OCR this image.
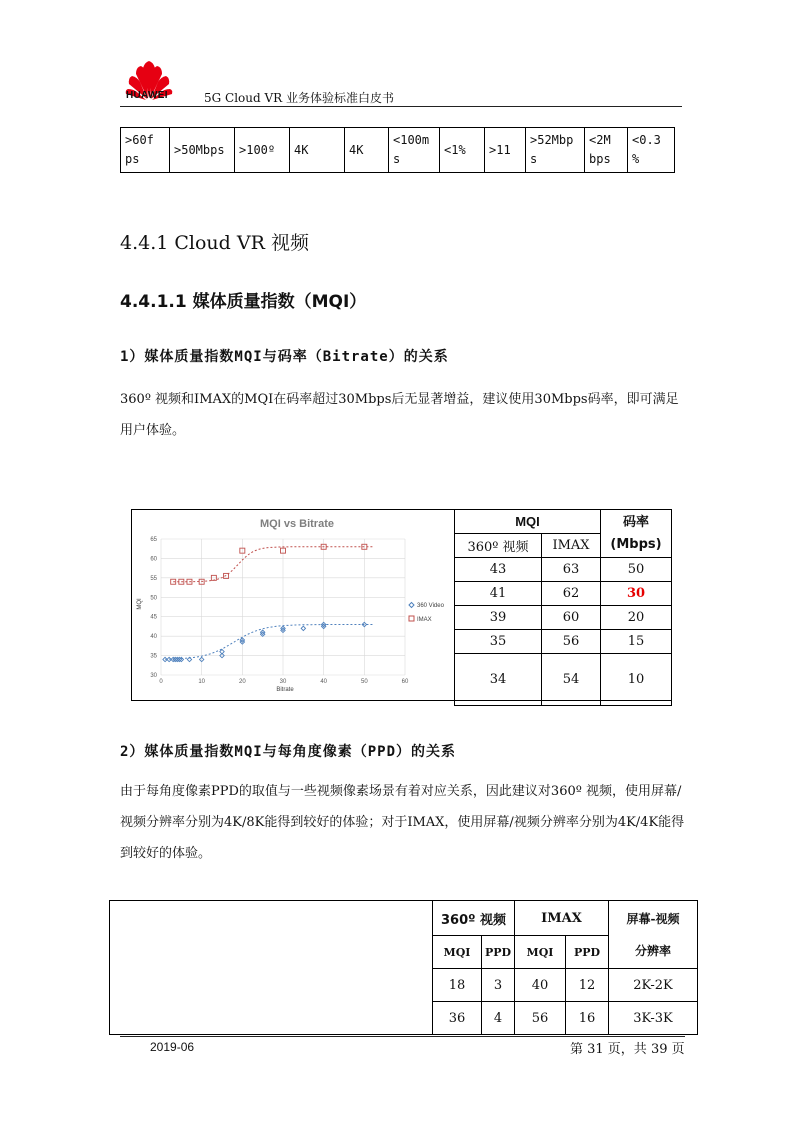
HUAWEI	5G Cloud VR 业务体验标准白皮书
>60f ps	>50Mbps	>100º	4K	4K	<100m s	<1%	>11	>52Mbp s	<2M bps	<0.3 %
4.4.1 Cloud VR 视频
4.4.1.1 媒体质量指数（MQI）
1）媒体质量指数MQI与码率（Bitrate）的关系
360º 视频和IMAX的MQI在码率超过30Mbps后无显著增益，建议使用30Mbps码率，即可满足用户体验。
MQI vs Bitrate
30
35
40
45
50
55
60
65
0	10	20	30	40	50	60
MQI
Bitrate
360 Video
IMAX
MQI		码率
(Mbps)

360º 视频	IMAX	
43	63	50
41	62	30
39	60	20
35	56	15
34	54	10
2）媒体质量指数MQI与每角度像素（PPD）的关系
由于每角度像素PPD的取值与一些视频像素场景有着对应关系，因此建议对360º 视频，使用屏幕/视频分辨率分别为4K/8K能得到较好的体验；对于IMAX，使用屏幕/视频分辨率分别为4K/4K能得到较好的体验。
	360º 视频		IMAX		屏幕-视频
分辨率

	MQI	PPD	MQI	PPD	
	18	3	40	12	2K-2K
	36	4	56	16	3K-3K
2019-06	第 31 页，共 39 页
